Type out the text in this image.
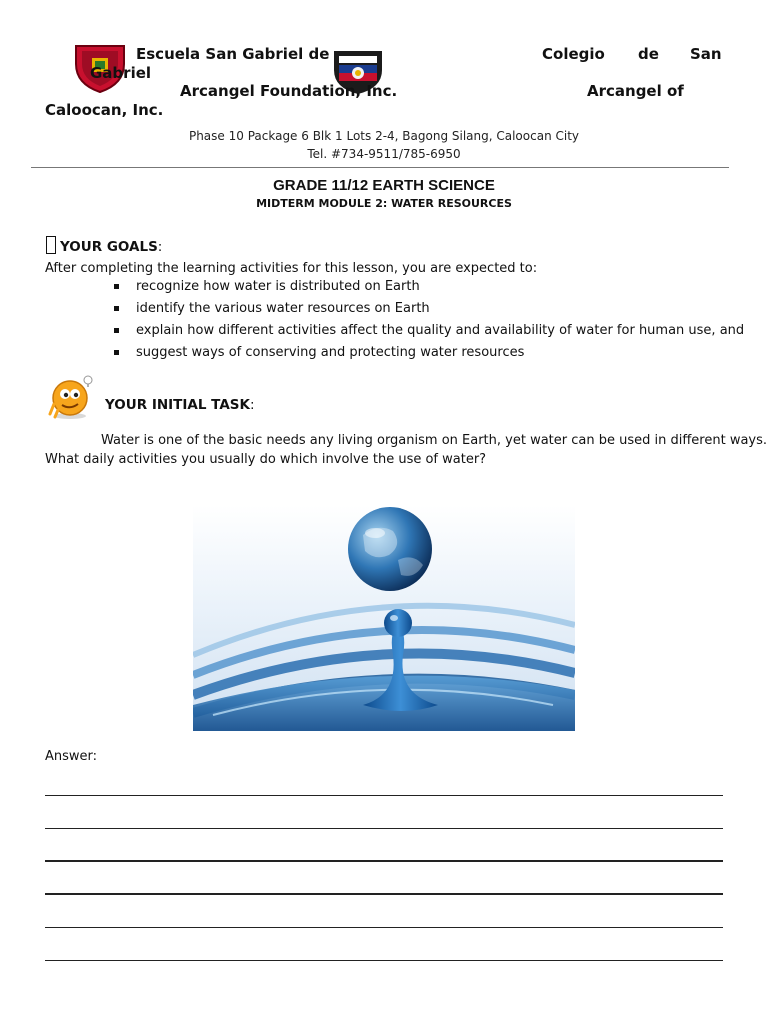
Escuela San Gabriel de
Gabriel
Arcangel Foundation, Inc.
Colegio de San
Arcangel of
Caloocan, Inc.
Phase 10 Package 6 Blk 1 Lots 2-4, Bagong Silang, Caloocan City
Tel. #734-9511/785-6950
GRADE 11/12 EARTH SCIENCE
MIDTERM MODULE 2: WATER RESOURCES
YOUR GOALS:
After completing the learning activities for this lesson, you are expected to:
recognize how water is distributed on Earth
identify the various water resources on Earth
explain how different activities affect the quality and availability of water for human use, and
suggest ways of conserving and protecting water resources
YOUR INITIAL TASK:
Water is one of the basic needs any living organism on Earth, yet water can be used in different ways.
What daily activities you usually do which involve the use of water?
Answer:
